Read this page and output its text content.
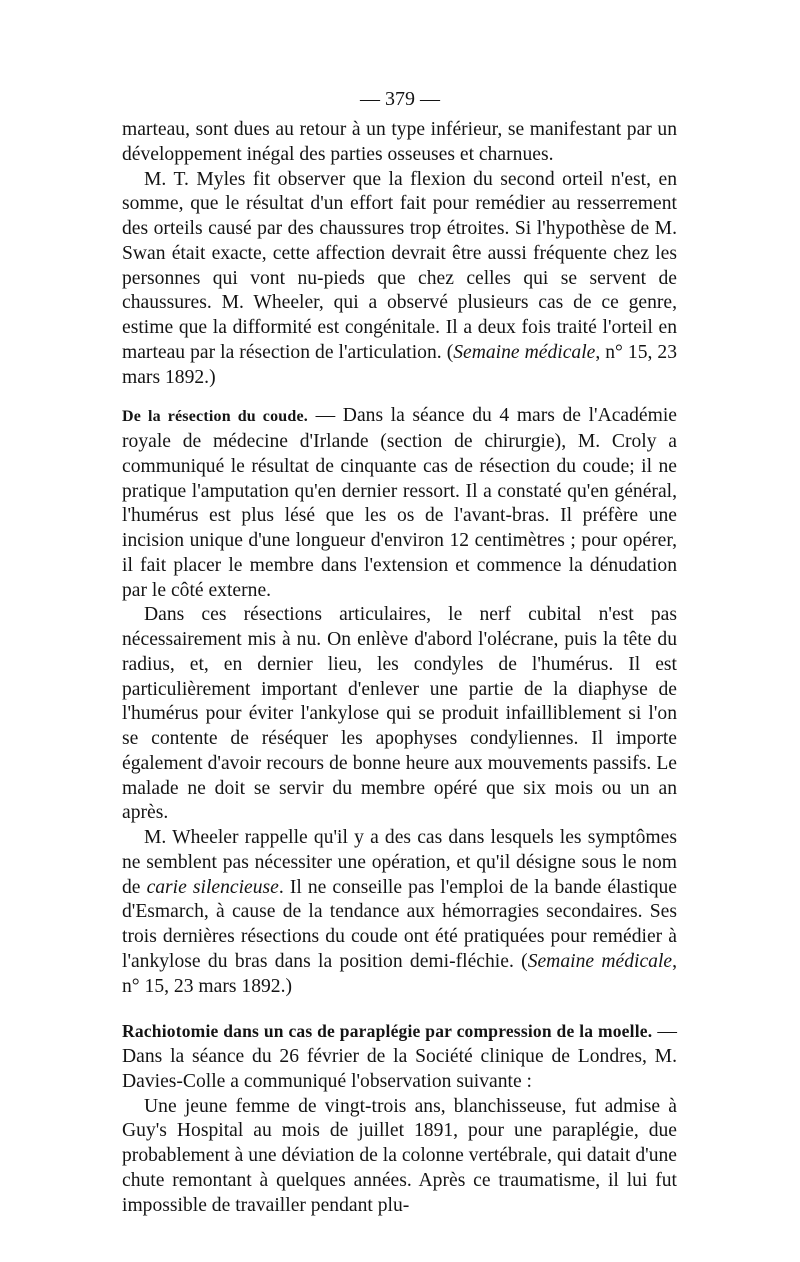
— 379 —

marteau, sont dues au retour à un type inférieur, se manifestant par un développement inégal des parties osseuses et charnues.

M. T. Myles fit observer que la flexion du second orteil n'est, en somme, que le résultat d'un effort fait pour remédier au resserrement des orteils causé par des chaussures trop étroites. Si l'hypothèse de M. Swan était exacte, cette affection devrait être aussi fréquente chez les personnes qui vont nu-pieds que chez celles qui se servent de chaussures. M. Wheeler, qui a observé plusieurs cas de ce genre, estime que la difformité est congénitale. Il a deux fois traité l'orteil en marteau par la résection de l'articulation. (Semaine médicale, n° 15, 23 mars 1892.)

De la résection du coude. — Dans la séance du 4 mars de l'Académie royale de médecine d'Irlande (section de chirurgie), M. Croly a communiqué le résultat de cinquante cas de résection du coude; il ne pratique l'amputation qu'en dernier ressort. Il a constaté qu'en général, l'humérus est plus lésé que les os de l'avant-bras. Il préfère une incision unique d'une longueur d'environ 12 centimètres ; pour opérer, il fait placer le membre dans l'extension et commence la dénudation par le côté externe.

Dans ces résections articulaires, le nerf cubital n'est pas nécessairement mis à nu. On enlève d'abord l'olécrane, puis la tête du radius, et, en dernier lieu, les condyles de l'humérus. Il est particulièrement important d'enlever une partie de la diaphyse de l'humérus pour éviter l'ankylose qui se produit infailliblement si l'on se contente de réséquer les apophyses condyliennes. Il importe également d'avoir recours de bonne heure aux mouvements passifs. Le malade ne doit se servir du membre opéré que six mois ou un an après.

M. Wheeler rappelle qu'il y a des cas dans lesquels les symptômes ne semblent pas nécessiter une opération, et qu'il désigne sous le nom de carie silencieuse. Il ne conseille pas l'emploi de la bande élastique d'Esmarch, à cause de la tendance aux hémorragies secondaires. Ses trois dernières résections du coude ont été pratiquées pour remédier à l'ankylose du bras dans la position demi-fléchie. (Semaine médicale, n° 15, 23 mars 1892.)

Rachiotomie dans un cas de paraplégie par compression de la moelle. — Dans la séance du 26 février de la Société clinique de Londres, M. Davies-Colle a communiqué l'observation suivante :

Une jeune femme de vingt-trois ans, blanchisseuse, fut admise à Guy's Hospital au mois de juillet 1891, pour une paraplégie, due probablement à une déviation de la colonne vertébrale, qui datait d'une chute remontant à quelques années. Après ce traumatisme, il lui fut impossible de travailler pendant plu-
